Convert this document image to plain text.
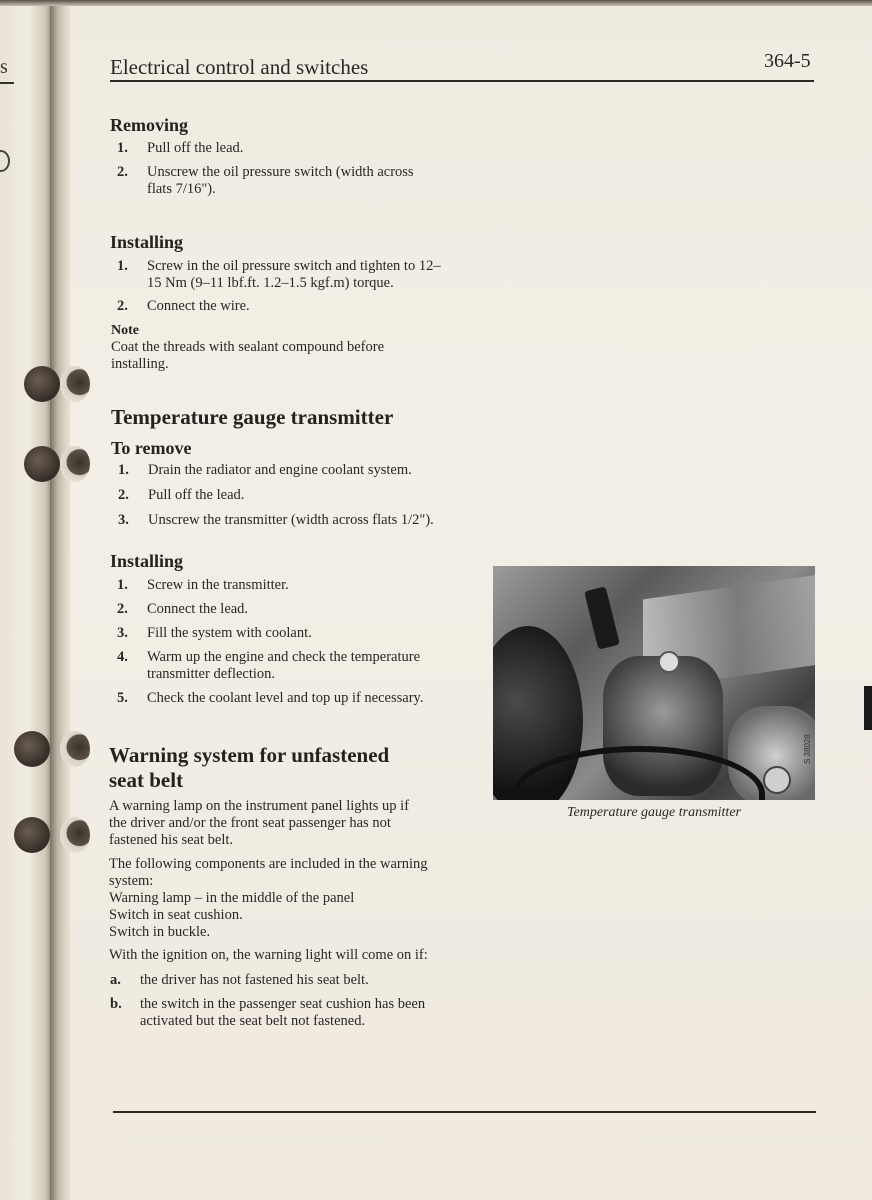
s	Electrical control and switches	364-5
Removing
1.	Pull off the lead.
2.	Unscrew the oil pressure switch (width across
flats 7/16").
Installing
1.	Screw in the oil pressure switch and tighten to 12–
15 Nm (9–11 lbf.ft. 1.2–1.5 kgf.m) torque.
2.	Connect the wire.
Note
Coat the threads with sealant compound before
installing.
Temperature gauge transmitter
To remove
1.	Drain the radiator and engine coolant system.
2.	Pull off the lead.
3.	Unscrew the transmitter (width across flats 1/2").
Installing
1.	Screw in the transmitter.
2.	Connect the lead.
3.	Fill the system with coolant.
4.	Warm up the engine and check the temperature
transmitter deflection.
5.	Check the coolant level and top up if necessary.
Warning system for unfastened
seat belt
A warning lamp on the instrument panel lights up if
the driver and/or the front seat passenger has not
fastened his seat belt.
The following components are included in the warning
system:
Warning lamp – in the middle of the panel
Switch in seat cushion.
Switch in buckle.
With the ignition on, the warning light will come on if:
a.	the driver has not fastened his seat belt.
b.	the switch in the passenger seat cushion has been
activated but the seat belt not fastened.
S 38028
Temperature gauge transmitter
